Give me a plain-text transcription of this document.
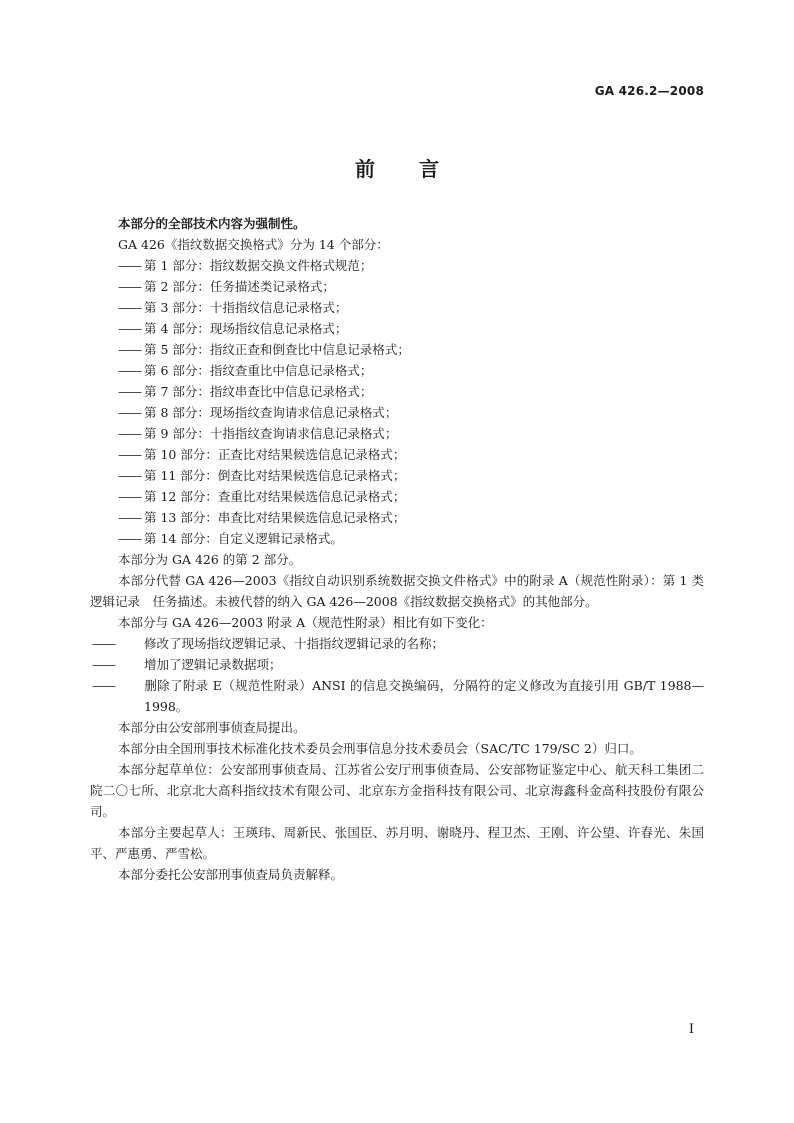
GA 426.2—2008
前言

本部分的全部技术内容为强制性。

GA 426《指纹数据交换格式》分为 14 个部分：

—— 第 1 部分：指纹数据交换文件格式规范；

—— 第 2 部分：任务描述类记录格式；

—— 第 3 部分：十指指纹信息记录格式；

—— 第 4 部分：现场指纹信息记录格式；

—— 第 5 部分：指纹正查和倒查比中信息记录格式；

—— 第 6 部分：指纹查重比中信息记录格式；

—— 第 7 部分：指纹串查比中信息记录格式；

—— 第 8 部分：现场指纹查询请求信息记录格式；

—— 第 9 部分：十指指纹查询请求信息记录格式；

—— 第 10 部分：正查比对结果候选信息记录格式；

—— 第 11 部分：倒查比对结果候选信息记录格式；

—— 第 12 部分：查重比对结果候选信息记录格式；

—— 第 13 部分：串查比对结果候选信息记录格式；

—— 第 14 部分：自定义逻辑记录格式。

本部分为 GA 426 的第 2 部分。

本部分代替 GA 426—2003《指纹自动识别系统数据交换文件格式》中的附录 A（规范性附录）：第 1 类逻辑记录　任务描述。未被代替的纳入 GA 426—2008《指纹数据交换格式》的其他部分。

本部分与 GA 426—2003 附录 A（规范性附录）相比有如下变化：

—— 修改了现场指纹逻辑记录、十指指纹逻辑记录的名称；

—— 增加了逻辑记录数据项；

—— 删除了附录 E（规范性附录）ANSI 的信息交换编码，分隔符的定义修改为直接引用 GB/T 1988—1998。

本部分由公安部刑事侦查局提出。

本部分由全国刑事技术标准化技术委员会刑事信息分技术委员会（SAC/TC 179/SC 2）归口。

本部分起草单位：公安部刑事侦查局、江苏省公安厅刑事侦查局、公安部物证鉴定中心、航天科工集团二院二〇七所、北京北大高科指纹技术有限公司、北京东方金指科技有限公司、北京海鑫科金高科技股份有限公司。

本部分主要起草人：王瑛玮、周新民、张国臣、苏月明、谢晓丹、程卫杰、王刚、许公望、许春光、朱国平、严惠勇、严雪松。

本部分委托公安部刑事侦查局负责解释。

I
